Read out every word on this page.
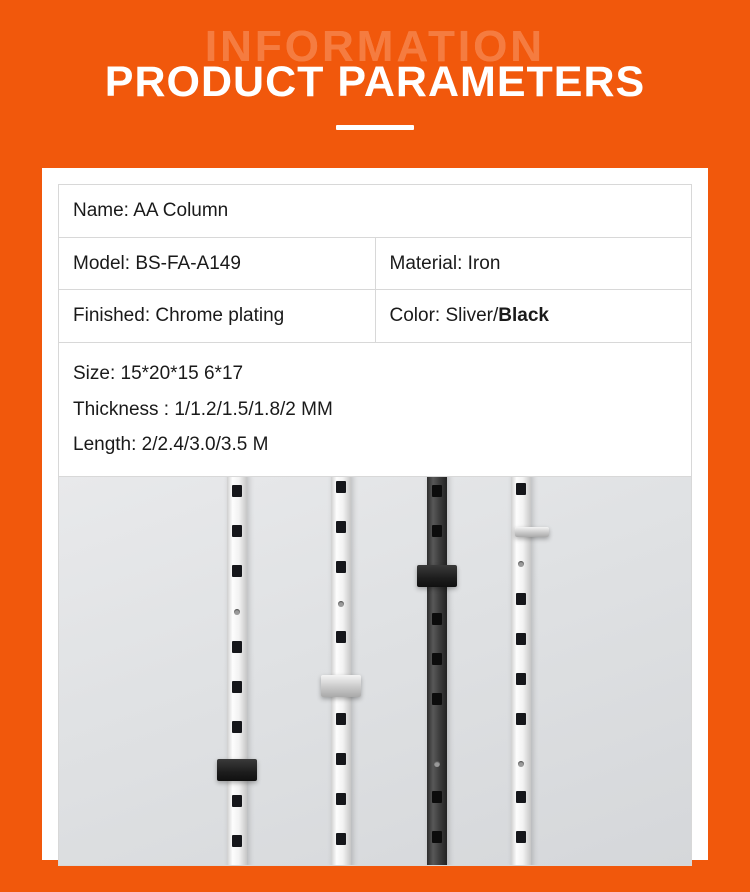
INFORMATION
PRODUCT PARAMETERS
Name: AA Column	
Model: BS-FA-A149	Material: Iron
Finished: Chrome plating	Color: Sliver/Black

Size: 15*20*15 6*17
Thickness : 1/1.2/1.5/1.8/2 MM
Length: 2/2.4/3.0/3.5 M	
